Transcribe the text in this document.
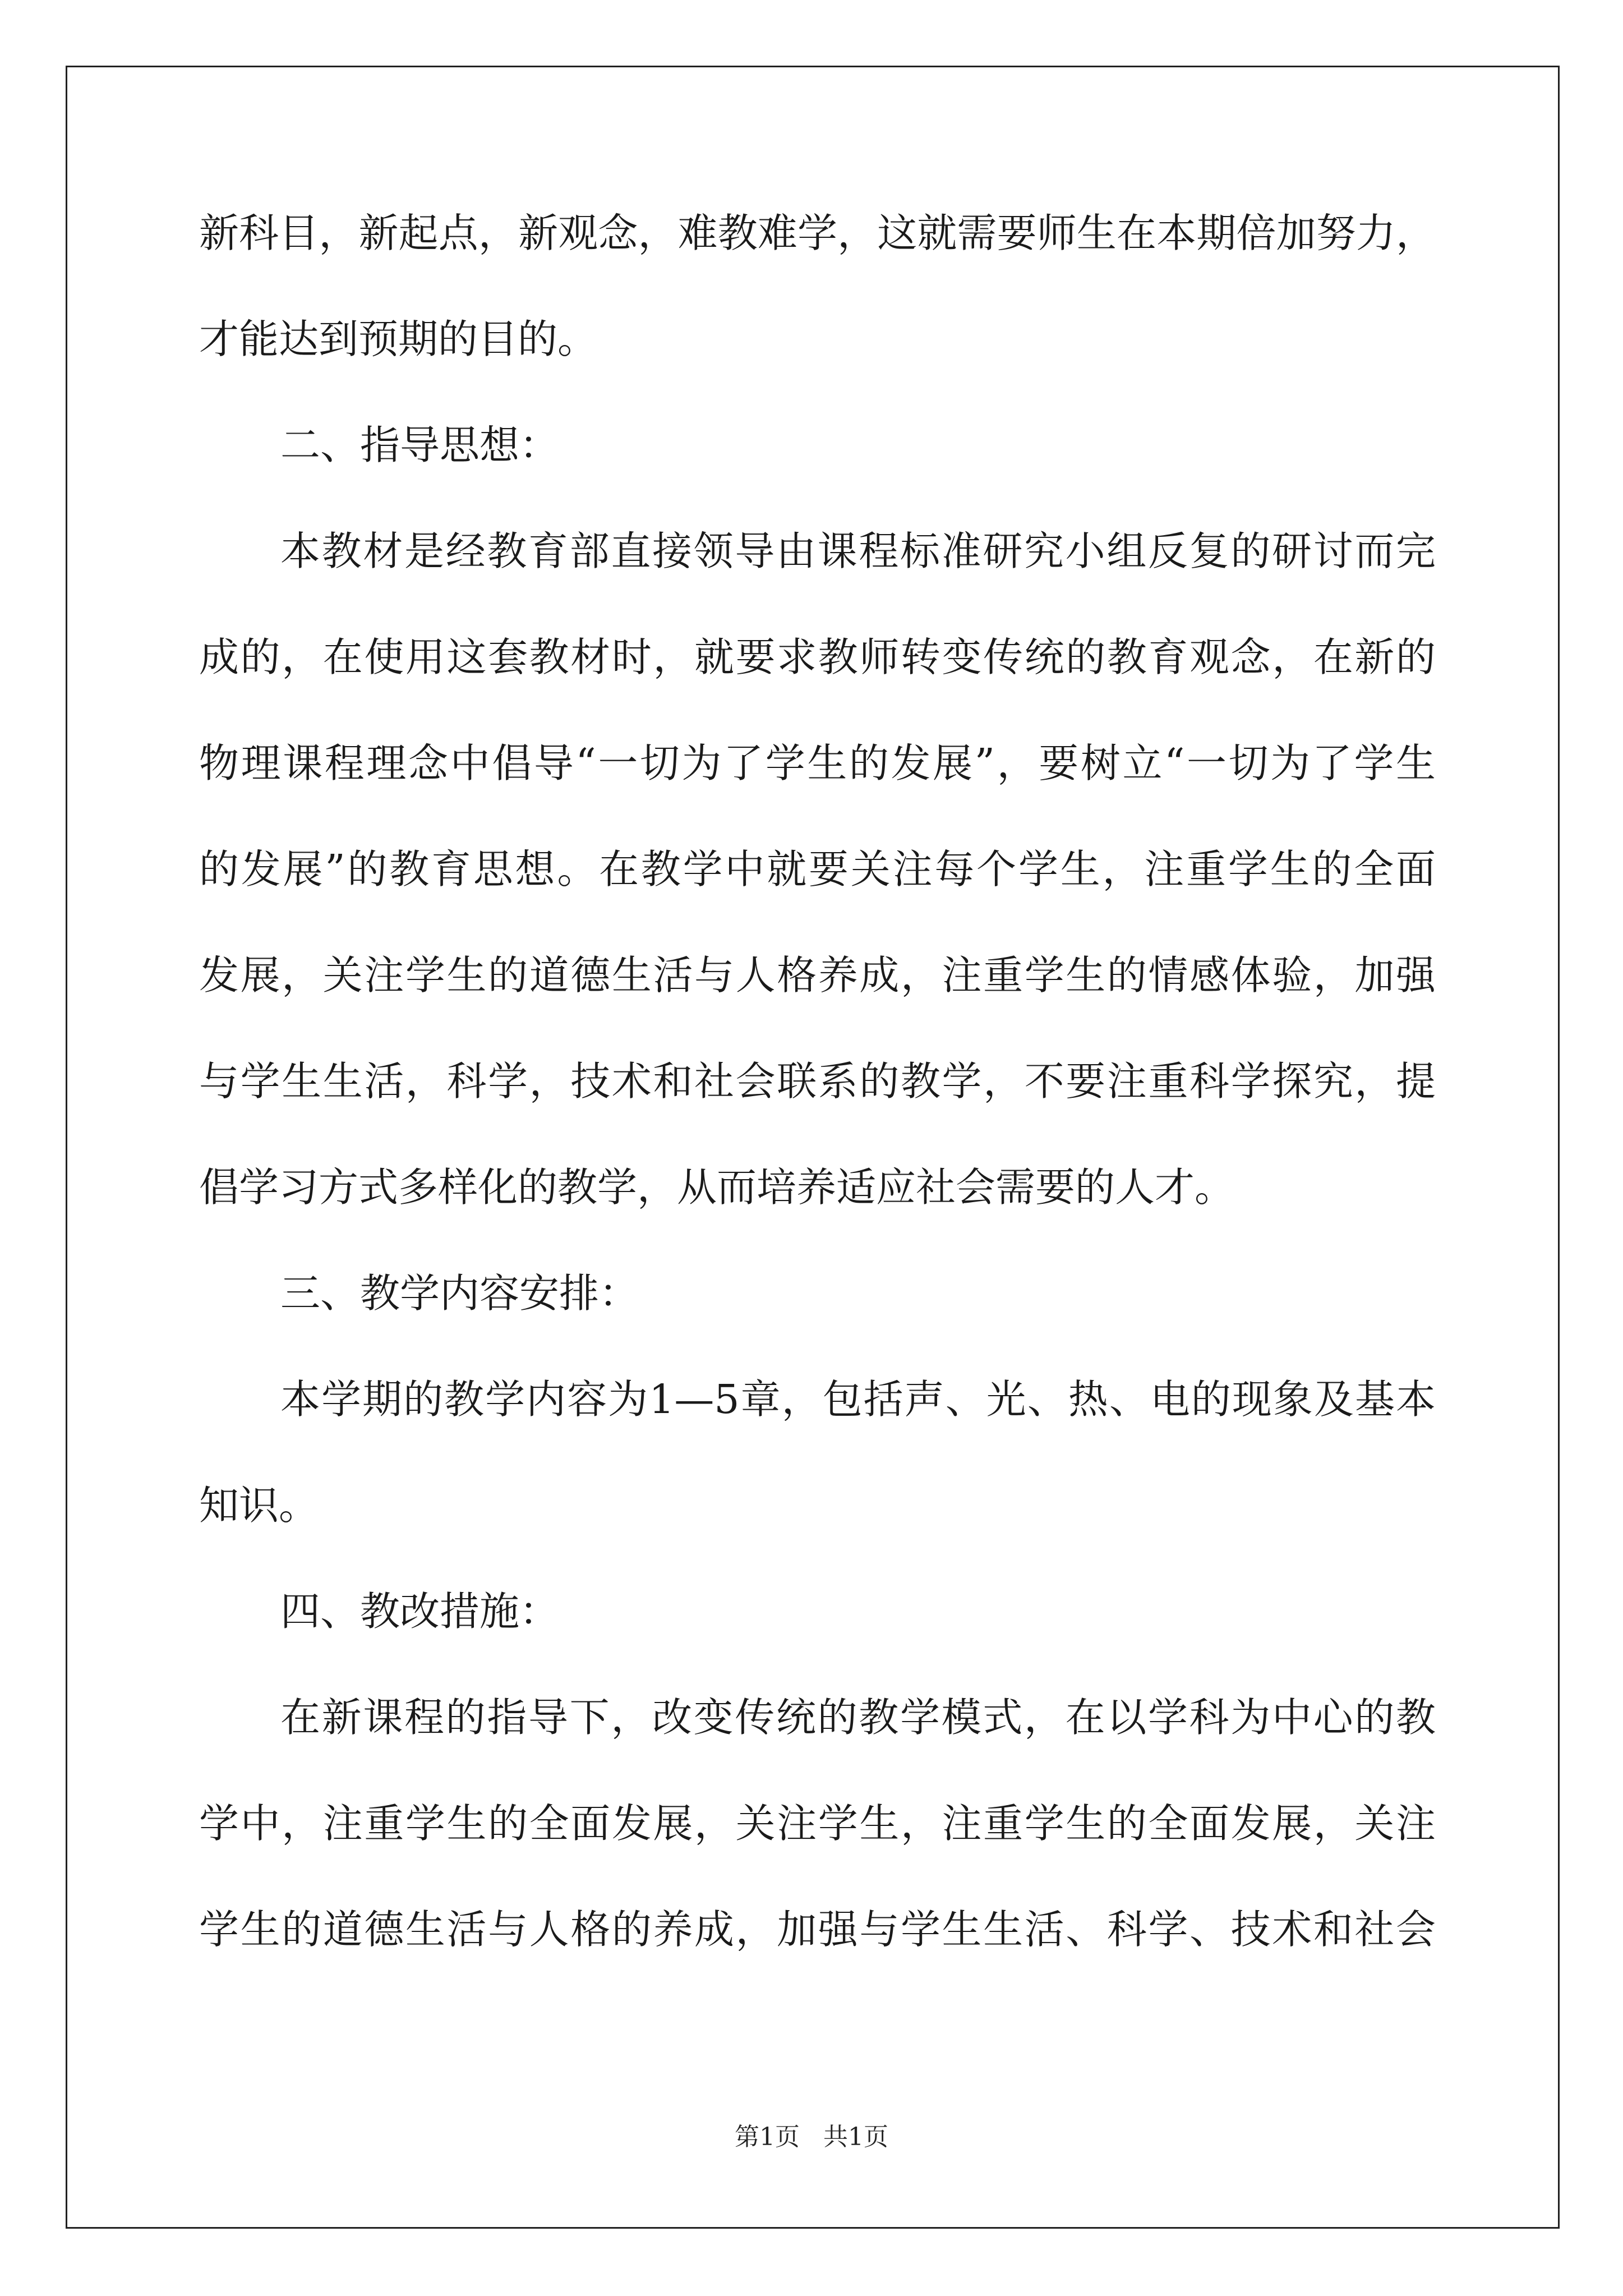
新科目，新起点，新观念，难教难学，这就需要师生在本期倍加努力，
才能达到预期的目的。
二、指导思想：
本教材是经教育部直接领导由课程标准研究小组反复的研讨而完
成的，在使用这套教材时，就要求教师转变传统的教育观念，在新的
物理课程理念中倡导“一切为了学生的发展”，要树立“一切为了学生
的发展”的教育思想。在教学中就要关注每个学生，注重学生的全面
发展，关注学生的道德生活与人格养成，注重学生的情感体验，加强
与学生生活，科学，技术和社会联系的教学，不要注重科学探究，提
倡学习方式多样化的教学，从而培养适应社会需要的人才。
三、教学内容安排：
本学期的教学内容为1—5章，包括声、光、热、电的现象及基本
知识。
四、教改措施：
在新课程的指导下，改变传统的教学模式，在以学科为中心的教
学中，注重学生的全面发展，关注学生，注重学生的全面发展，关注
学生的道德生活与人格的养成，加强与学生生活、科学、技术和社会
第1页   共1页
